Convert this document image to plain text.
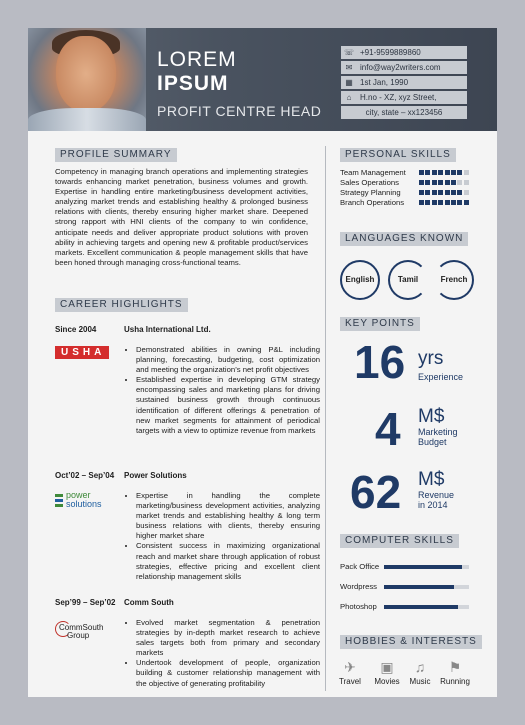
LOREM
IPSUM
PROFIT CENTRE HEAD
☏ +91-9599889860
✉ info@way2writers.com
▦ 1st Jan, 1990
⌂	H.no - XZ, xyz Street,
city, state – xx123456
PROFILE SUMMARY
Competency in managing branch operations and implementing strategies towards enhancing market penetration, business volumes and growth. Expertise in handling entire marketing/business development activities, analyzing market trends and establishing healthy & prolonged business relations with clients, thereby ensuring higher market share. Deepened strong rapport with HNI clients of the company to win confidence, anticipate needs and deliver appropriate product solutions with proven ability in achieving targets and opening new & profitable product/services markets. Excellent communication & people management skills that have been honed through managing cross-functional teams.
CAREER HIGHLIGHTS
Since 2004	Usha International Ltd.
USHA
•	Demonstrated abilities in owning P&L including planning, forecasting, budgeting, cost optimization and meeting the organization’s net profit objectives
• Established expertise in developing GTM strategy encompassing sales and marketing plans for driving sustained business growth through continuous identification of different offerings & penetration of new market segments for attainment of periodical targets with a view to optimize revenue from markets
Oct’02 – Sep’04 Power Solutions
power
solutions
• Expertise in handling the complete marketing/business development activities, analyzing market trends and establishing healthy & long term business relations with clients, thereby ensuring higher market share
• Consistent success in maximizing organizational reach and market share through application of robust strategies, effective pricing and excellent client relationship management skills
Sep’99 – Sep’02 Comm South
CommSouth
Group
• Evolved market segmentation & penetration strategies by in-depth market research to achieve sales targets both from primary and secondary markets
• Undertook development of people, organization building & customer relationship management with the objective of generating profitability
PERSONAL SKILLS
Team Management
Sales Operations
Strategy Planning
Branch Operations
LANGUAGES KNOWN
English	Tamil	French
KEY POINTS
16 yrs
Experience
4 M$
Marketing
Budget
62 M$
Revenue
in 2014
COMPUTER SKILLS
Pack Office
Wordpress
Photoshop
HOBBIES & INTERESTS
✈
Travel
▣
Movies
♫
Music
⚑
Running
